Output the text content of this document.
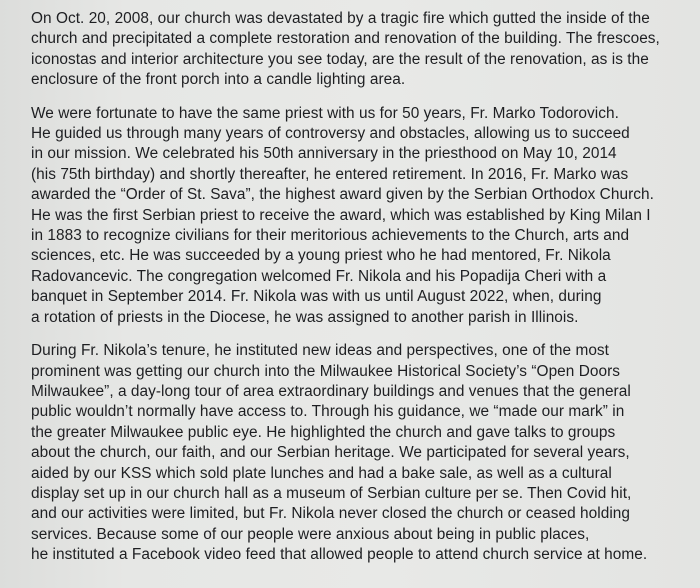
On Oct. 20, 2008, our church was devastated by a tragic fire which gutted the inside of the
church and precipitated a complete restoration and renovation of the building. The frescoes,
iconostas and interior architecture you see today, are the result of the renovation, as is the
enclosure of the front porch into a candle lighting area.
We were fortunate to have the same priest with us for 50 years, Fr. Marko Todorovich.
He guided us through many years of controversy and obstacles, allowing us to succeed
in our mission. We celebrated his 50th anniversary in the priesthood on May 10, 2014
(his 75th birthday) and shortly thereafter, he entered retirement. In 2016, Fr. Marko was
awarded the “Order of St. Sava”, the highest award given by the Serbian Orthodox Church.
He was the first Serbian priest to receive the award, which was established by King Milan I
in 1883 to recognize civilians for their meritorious achievements to the Church, arts and
sciences, etc. He was succeeded by a young priest who he had mentored, Fr. Nikola
Radovancevic. The congregation welcomed Fr. Nikola and his Popadija Cheri with a
banquet in September 2014. Fr. Nikola was with us until August 2022, when, during
a rotation of priests in the Diocese, he was assigned to another parish in Illinois.
During Fr. Nikola’s tenure, he instituted new ideas and perspectives, one of the most
prominent was getting our church into the Milwaukee Historical Society’s “Open Doors
Milwaukee”, a day-long tour of area extraordinary buildings and venues that the general
public wouldn’t normally have access to. Through his guidance, we “made our mark” in
the greater Milwaukee public eye. He highlighted the church and gave talks to groups
about the church, our faith, and our Serbian heritage. We participated for several years,
aided by our KSS which sold plate lunches and had a bake sale, as well as a cultural
display set up in our church hall as a museum of Serbian culture per se. Then Covid hit,
and our activities were limited, but Fr. Nikola never closed the church or ceased holding
services. Because some of our people were anxious about being in public places,
he instituted a Facebook video feed that allowed people to attend church service at home.
